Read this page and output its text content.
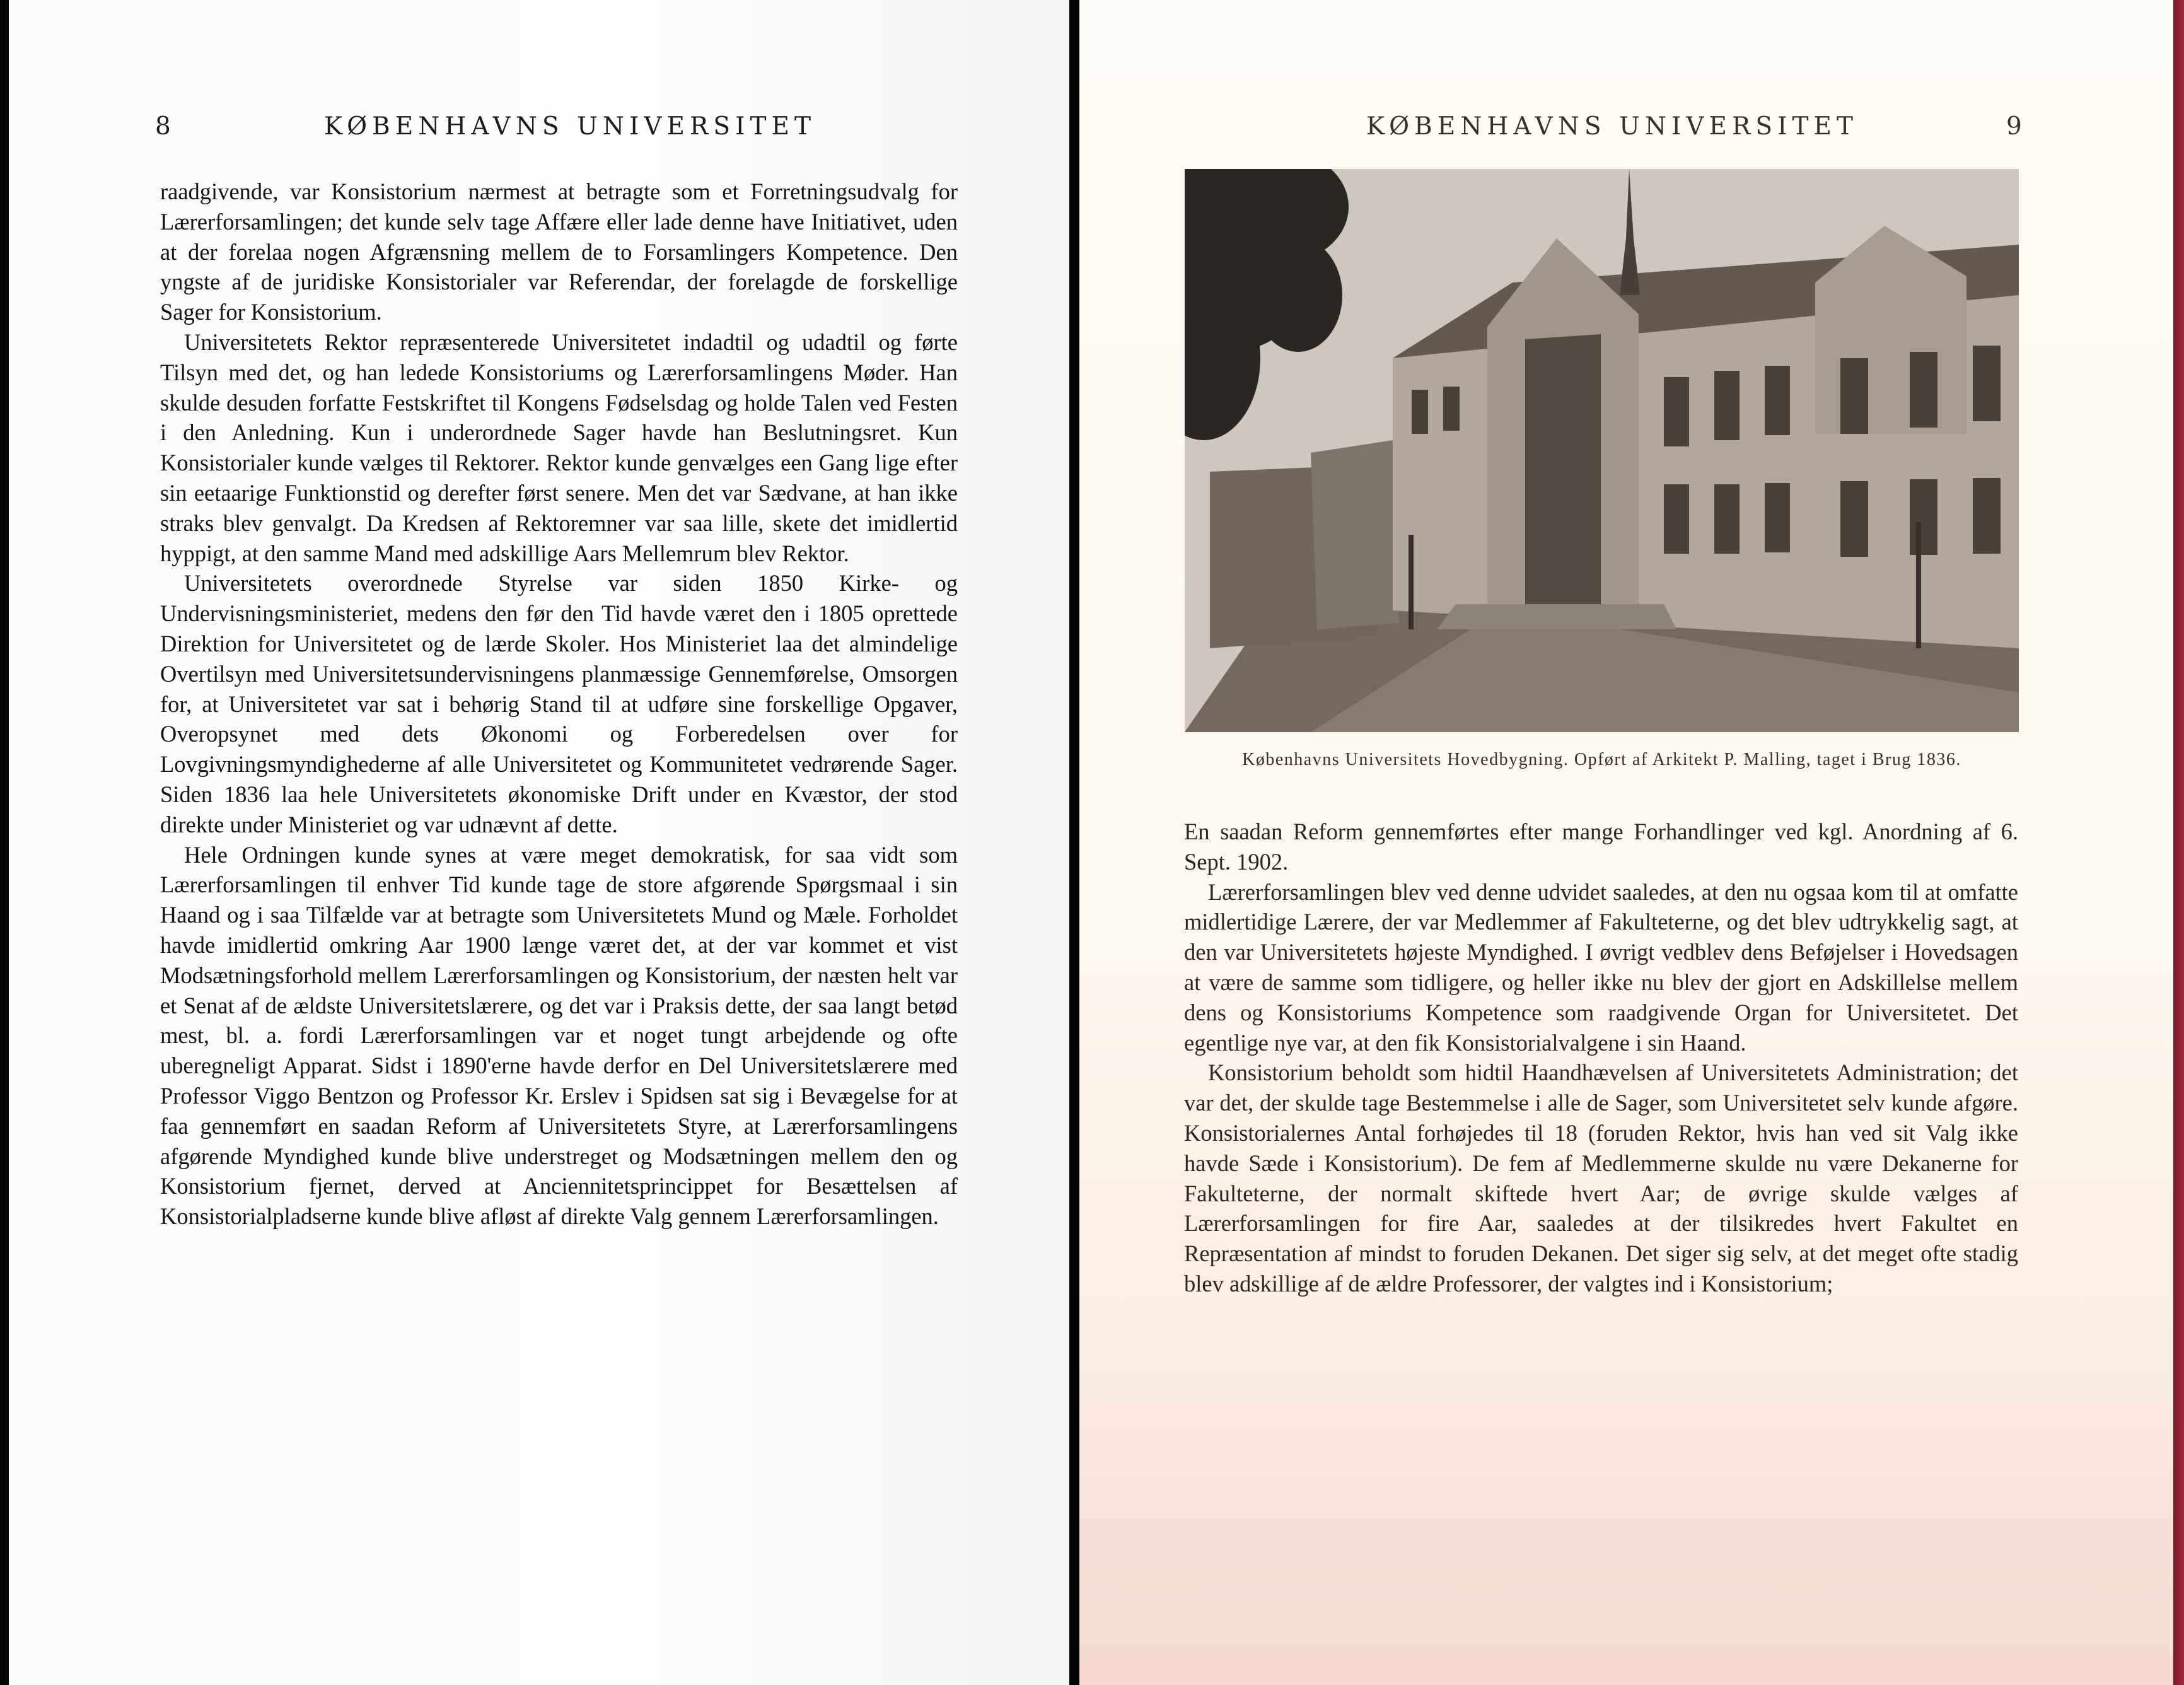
8	KØBENHAVNS UNIVERSITET

raadgivende, var Konsistorium nærmest at betragte som et Forretningsudvalg for Lærerforsamlingen; det kunde selv tage Affære eller lade denne have Initiativet, uden at der forelaa nogen Afgrænsning mellem de to Forsamlingers Kompetence. Den yngste af de juridiske Konsistorialer var Referendar, der forelagde de forskellige Sager for Konsistorium.

Universitetets Rektor repræsenterede Universitetet indadtil og udadtil og førte Tilsyn med det, og han ledede Konsistoriums og Lærerforsamlingens Møder. Han skulde desuden forfatte Festskriftet til Kongens Fødselsdag og holde Talen ved Festen i den Anledning. Kun i underordnede Sager havde han Beslutningsret. Kun Konsistorialer kunde vælges til Rektorer. Rektor kunde genvælges een Gang lige efter sin eetaarige Funktionstid og derefter først senere. Men det var Sædvane, at han ikke straks blev genvalgt. Da Kredsen af Rektoremner var saa lille, skete det imidlertid hyppigt, at den samme Mand med adskillige Aars Mellemrum blev Rektor.

Universitetets overordnede Styrelse var siden 1850 Kirke- og Undervisningsministeriet, medens den før den Tid havde været den i 1805 oprettede Direktion for Universitetet og de lærde Skoler. Hos Ministeriet laa det almindelige Overtilsyn med Universitetsundervisningens planmæssige Gennemførelse, Omsorgen for, at Universitetet var sat i behørig Stand til at udføre sine forskellige Opgaver, Overopsynet med dets Økonomi og Forberedelsen over for Lovgivningsmyndighederne af alle Universitetet og Kommunitetet vedrørende Sager. Siden 1836 laa hele Universitetets økonomiske Drift under en Kvæstor, der stod direkte under Ministeriet og var udnævnt af dette.

Hele Ordningen kunde synes at være meget demokratisk, for saa vidt som Lærerforsamlingen til enhver Tid kunde tage de store afgørende Spørgsmaal i sin Haand og i saa Tilfælde var at betragte som Universitetets Mund og Mæle. Forholdet havde imidlertid omkring Aar 1900 længe været det, at der var kommet et vist Modsætningsforhold mellem Lærerforsamlingen og Konsistorium, der næsten helt var et Senat af de ældste Universitetslærere, og det var i Praksis dette, der saa langt betød mest, bl. a. fordi Lærerforsamlingen var et noget tungt arbejdende og ofte uberegneligt Apparat. Sidst i 1890'erne havde derfor en Del Universitetslærere med Professor Viggo Bentzon og Professor Kr. Erslev i Spidsen sat sig i Bevægelse for at faa gennemført en saadan Reform af Universitetets Styre, at Lærerforsamlingens afgørende Myndighed kunde blive understreget og Modsætningen mellem den og Konsistorium fjernet, derved at Anciennitetsprincippet for Besættelsen af Konsistorialpladserne kunde blive afløst af direkte Valg gennem Lærerforsamlingen.

KØBENHAVNS UNIVERSITET	9
Københavns Universitets Hovedbygning. Opført af Arkitekt P. Malling, taget i Brug 1836.

En saadan Reform gennemførtes efter mange Forhandlinger ved kgl. Anordning af 6. Sept. 1902.

Lærerforsamlingen blev ved denne udvidet saaledes, at den nu ogsaa kom til at omfatte midlertidige Lærere, der var Medlemmer af Fakulteterne, og det blev udtrykkelig sagt, at den var Universitetets højeste Myndighed. I øvrigt vedblev dens Beføjelser i Hovedsagen at være de samme som tidligere, og heller ikke nu blev der gjort en Adskillelse mellem dens og Konsistoriums Kompetence som raadgivende Organ for Universitetet. Det egentlige nye var, at den fik Konsistorialvalgene i sin Haand.

Konsistorium beholdt som hidtil Haandhævelsen af Universitetets Administration; det var det, der skulde tage Bestemmelse i alle de Sager, som Universitetet selv kunde afgøre. Konsistorialernes Antal forhøjedes til 18 (foruden Rektor, hvis han ved sit Valg ikke havde Sæde i Konsistorium). De fem af Medlemmerne skulde nu være Dekanerne for Fakulteterne, der normalt skiftede hvert Aar; de øvrige skulde vælges af Lærerforsamlingen for fire Aar, saaledes at der tilsikredes hvert Fakultet en Repræsentation af mindst to foruden Dekanen. Det siger sig selv, at det meget ofte stadig blev adskillige af de ældre Professorer, der valgtes ind i Konsistorium;
